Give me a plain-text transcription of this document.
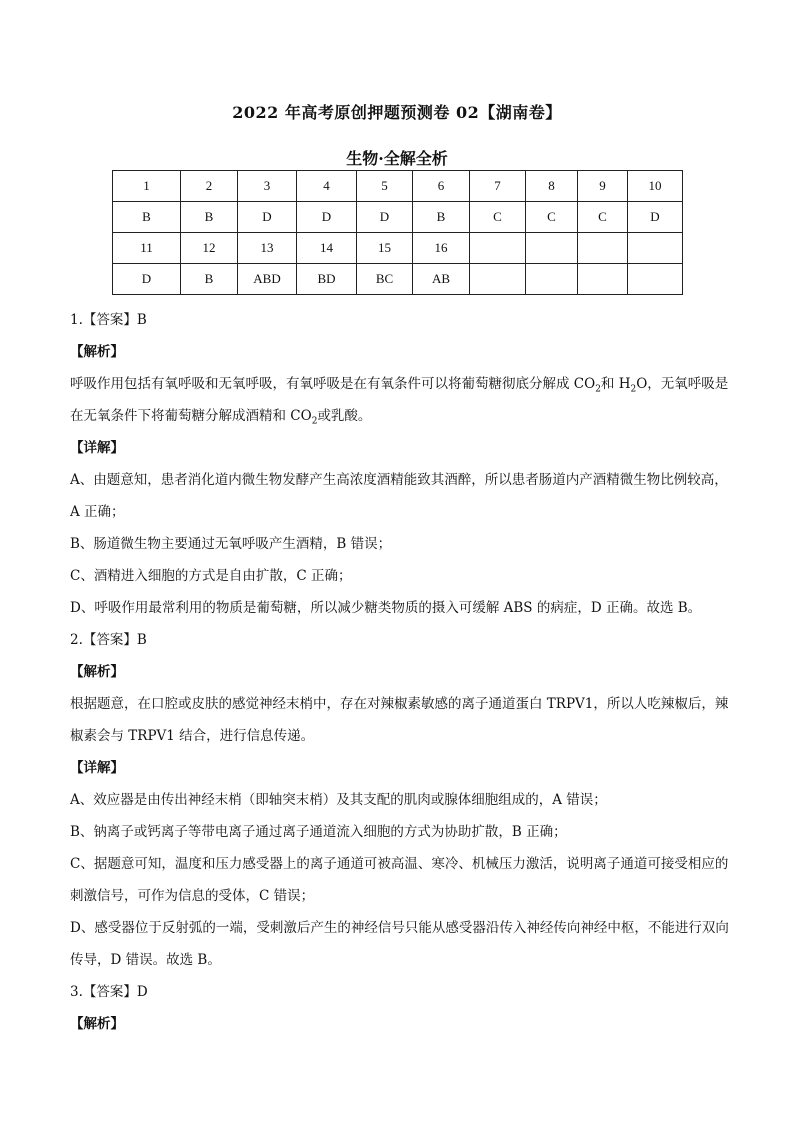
2022 年高考原创押题预测卷 02【湖南卷】
生物·全解全析
1	2	3	4	5	6	7	8	9	10
B	B	D	D	D	B	C	C	C	D
11	12	13	14	15	16				
D	B	ABD	BD	BC	AB				
1.【答案】B
【解析】
呼吸作用包括有氧呼吸和无氧呼吸，有氧呼吸是在有氧条件可以将葡萄糖彻底分解成 $CO_2$和 $H_2O$，无氧呼吸是在无氧条件下将葡萄糖分解成酒精和 $CO_2$或乳酸。
【详解】
A、由题意知，患者消化道内微生物发酵产生高浓度酒精能致其酒醉，所以患者肠道内产酒精微生物比例较高，A 正确；
B、肠道微生物主要通过无氧呼吸产生酒精，B 错误；
C、酒精进入细胞的方式是自由扩散，C 正确；
D、呼吸作用最常利用的物质是葡萄糖，所以减少糖类物质的摄入可缓解 ABS 的病症，D 正确。故选 B。
2.【答案】B
【解析】
根据题意，在口腔或皮肤的感觉神经末梢中，存在对辣椒素敏感的离子通道蛋白 TRPV1，所以人吃辣椒后，辣椒素会与 TRPV1 结合，进行信息传递。
【详解】
A、效应器是由传出神经末梢（即轴突末梢）及其支配的肌肉或腺体细胞组成的，A 错误；
B、钠离子或钙离子等带电离子通过离子通道流入细胞的方式为协助扩散，B 正确；
C、据题意可知，温度和压力感受器上的离子通道可被高温、寒冷、机械压力激活，说明离子通道可接受相应的刺激信号，可作为信息的受体，C 错误；
D、感受器位于反射弧的一端，受刺激后产生的神经信号只能从感受器沿传入神经传向神经中枢，不能进行双向传导，D 错误。故选 B。
3.【答案】D
【解析】
